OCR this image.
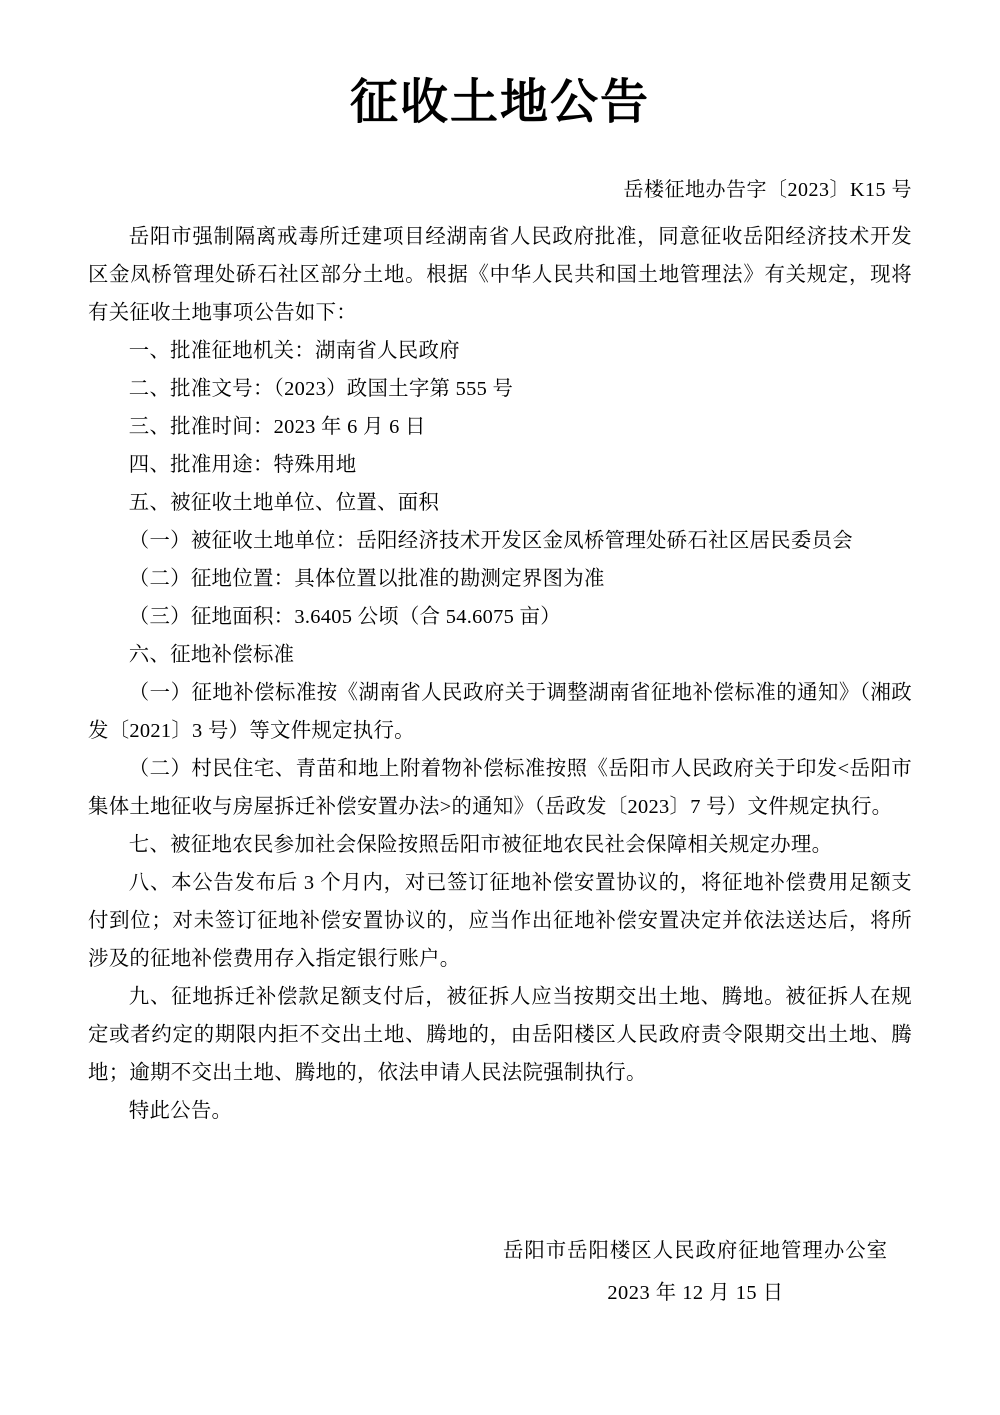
征收土地公告
岳楼征地办告字〔2023〕K15 号

岳阳市强制隔离戒毒所迁建项目经湖南省人民政府批准，同意征收岳阳经济技术开发区金凤桥管理处硚石社区部分土地。根据《中华人民共和国土地管理法》有关规定，现将有关征收土地事项公告如下：

一、批准征地机关：湖南省人民政府

二、批准文号：（2023）政国土字第 555 号

三、批准时间：2023 年 6 月 6 日

四、批准用途：特殊用地

五、被征收土地单位、位置、面积

（一）被征收土地单位：岳阳经济技术开发区金凤桥管理处硚石社区居民委员会

（二）征地位置：具体位置以批准的勘测定界图为准

（三）征地面积：3.6405 公顷（合 54.6075 亩）

六、征地补偿标准

（一）征地补偿标准按《湖南省人民政府关于调整湖南省征地补偿标准的通知》（湘政发〔2021〕3 号）等文件规定执行。

（二）村民住宅、青苗和地上附着物补偿标准按照《岳阳市人民政府关于印发<岳阳市集体土地征收与房屋拆迁补偿安置办法>的通知》（岳政发〔2023〕7 号）文件规定执行。

七、被征地农民参加社会保险按照岳阳市被征地农民社会保障相关规定办理。

八、本公告发布后 3 个月内，对已签订征地补偿安置协议的，将征地补偿费用足额支付到位；对未签订征地补偿安置协议的，应当作出征地补偿安置决定并依法送达后，将所涉及的征地补偿费用存入指定银行账户。

九、征地拆迁补偿款足额支付后，被征拆人应当按期交出土地、腾地。被征拆人在规定或者约定的期限内拒不交出土地、腾地的，由岳阳楼区人民政府责令限期交出土地、腾地；逾期不交出土地、腾地的，依法申请人民法院强制执行。

特此公告。

岳阳市岳阳楼区人民政府征地管理办公室
2023 年 12 月 15 日
